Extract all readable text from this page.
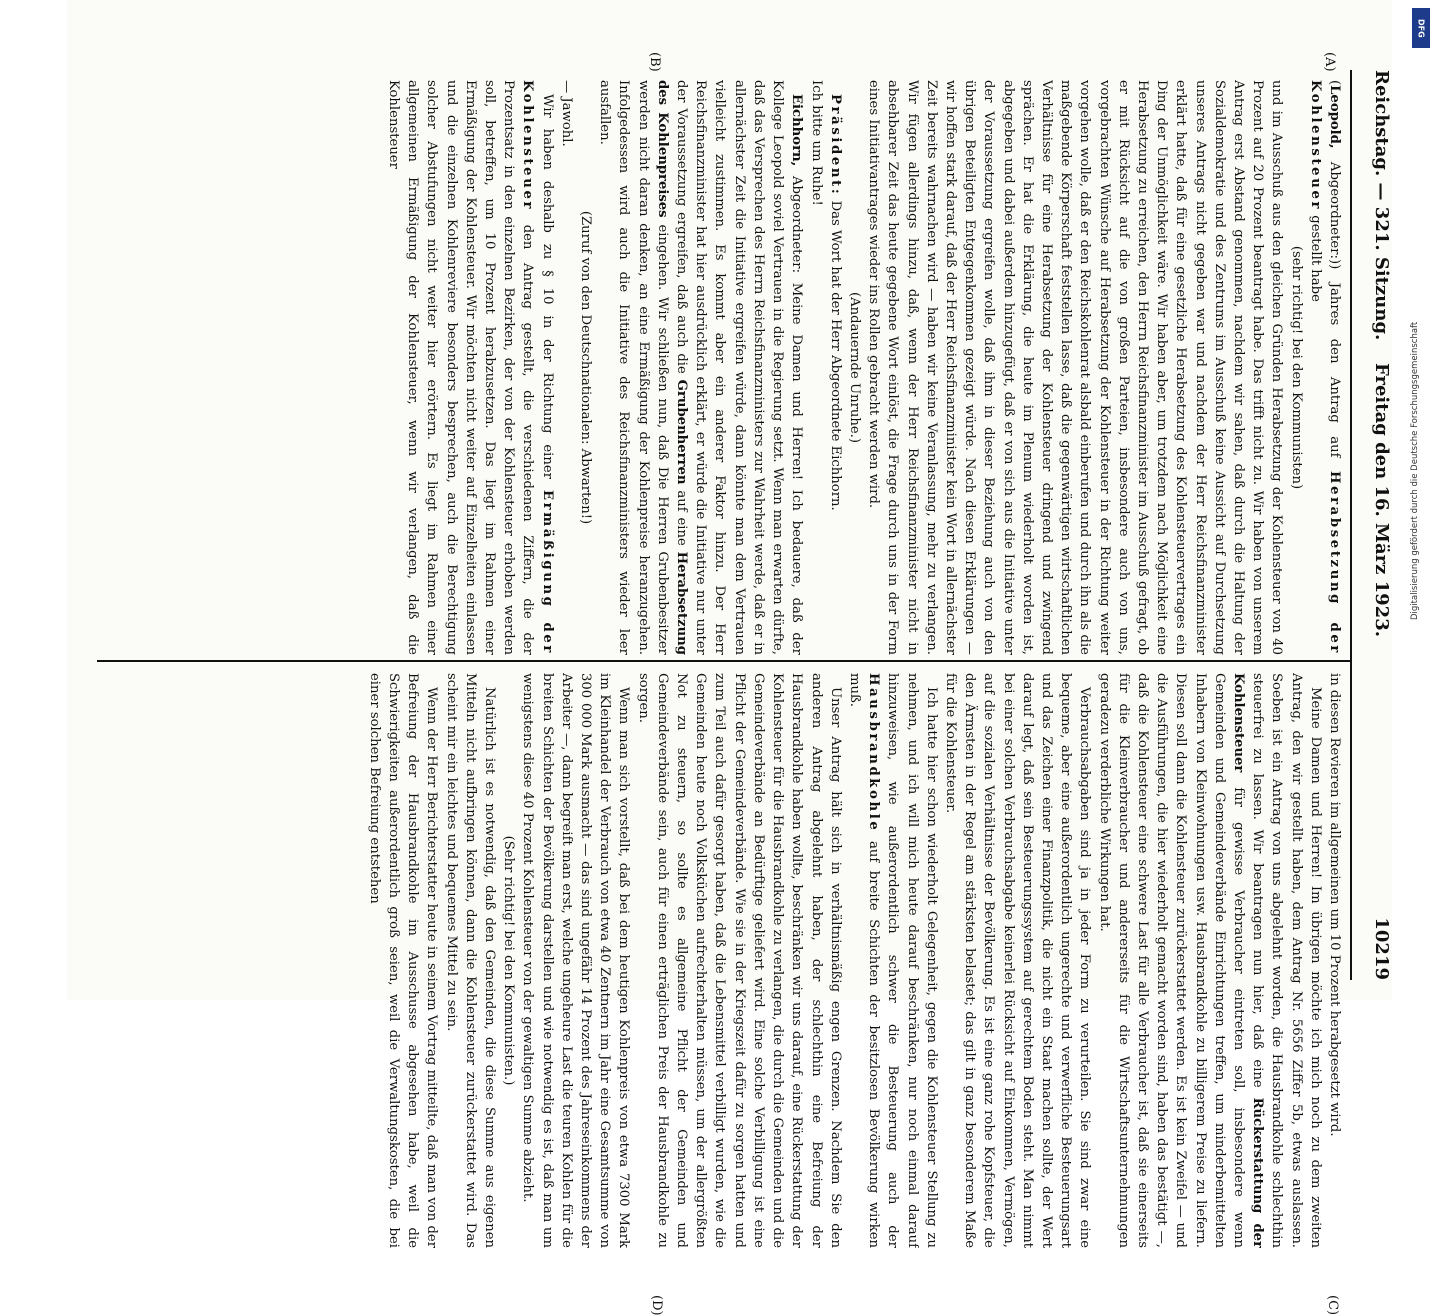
Reichstag. — 321. Sitzung.
Freitag den 16. März 1923.
10219
(A)
(B)
(C)
(D)

(Leopold, Abgeordneter:)) Jahres den Antrag auf Herabsetzung der Kohlensteuer gestellt habe

(sehr richtig! bei den Kommunisten)

und im Ausschuß aus den gleichen Gründen Herabsetzung der Kohlensteuer von 40 Prozent auf 20 Prozent beantragt habe. Das trifft nicht zu. Wir haben von unserem Antrag erst Abstand genommen, nachdem wir sahen, daß durch die Haltung der Sozialdemokratie und des Zentrums im Ausschuß keine Aussicht auf Durchsetzung unseres Antrags nicht gegeben war und nachdem der Herr Reichsfinanzminister erklärt hatte, daß für eine gesetzliche Herabsetzung des Kohlensteuervertrages ein Ding der Unmöglichkeit wäre. Wir haben aber, um trotzdem nach Möglichkeit eine Herabsetzung zu erreichen, den Herrn Reichsfinanzminister im Ausschuß gefragt, ob er mit Rücksicht auf die von großen Parteien, insbesondere auch von uns, vorgebrachten Wünsche auf Herabsetzung der Kohlensteuer in der Richtung weiter vorgehen wolle, daß er den Reichskohlenrat alsbald einberufen und durch ihn als die maßgebende Körperschaft feststellen lasse, daß die gegenwärtigen wirtschaftlichen Verhältnisse für eine Herabsetzung der Kohlensteuer dringend und zwingend sprächen. Er hat die Erklärung, die heute im Plenum wiederholt worden ist, abgegeben und dabei außerdem hinzugefügt, daß er von sich aus die Initiative unter der Voraussetzung ergreifen wolle, daß ihm in dieser Beziehung auch von den übrigen Beteiligten Entgegenkommen gezeigt würde. Nach diesen Erklärungen — wir hoffen stark darauf, daß der Herr Reichsfinanzminister kein Wort in allernächster Zeit bereits wahrnachen wird — haben wir keine Veranlassung, mehr zu verlangen. Wir fügen allerdings hinzu, daß, wenn der Herr Reichsfinanzminister nicht in absehbarer Zeit das heute gegebene Wort einlöst, die Frage durch uns in der Form eines Initiativantrages wieder ins Rollen gebracht werden wird.

(Andauernde Unruhe.)

Präsident: Das Wort hat der Herr Abgeordnete Eichhorn.

Ich bitte um Ruhe!

Eichhorn, Abgeordneter: Meine Damen und Herren! Ich bedauere, daß der Kollege Leopold soviel Vertrauen in die Regierung setzt. Wenn man erwarten dürfte, daß das Versprechen des Herrn Reichsfinanzministers zur Wahrheit werde, daß er in allernächster Zeit die Initiative ergreifen würde, dann könnte man dem Vertrauen vielleicht zustimmen. Es kommt aber ein anderer Faktor hinzu. Der Herr Reichsfinanzminister hat hier ausdrücklich erklärt, er würde die Initiative nur unter der Voraussetzung ergreifen, daß auch die Grubenherren auf eine Herabsetzung des Kohlenpreises eingehen. Wir schließen nun, daß Die Herren Grubenbesitzer werden nicht daran denken, an eine Ermäßigung der Kohlenpreise heranzugehen. Infolgedessen wird auch die Initiative des Reichsfinanzministers wieder leer ausfallen.

(Zuruf von den Deutschnationalen: Abwarten!)

— Jawohl.

Wir haben deshalb zu § 10 in der Richtung einer Ermäßigung der Kohlensteuer den Antrag gestellt, die verschiedenen Ziffern, die der Prozentsatz in den einzelnen Bezirken, der von der Kohlensteuer erhoben werden soll, betreffen, um 10 Prozent herabzusetzen. Das liegt im Rahmen einer Ermäßigung der Kohlensteuer. Wir möchten nicht weiter auf Einzelheiten einlassen und die einzelnen Kohlenreviere besonders besprechen, auch die Berechtigung solcher Abstufungen nicht weiter hier erörtern. Es liegt im Rahmen einer allgemeinen Ermäßigung der Kohlensteuer, wenn wir verlangen, daß die Kohlensteuer

in diesen Revieren im allgemeinen um 10 Prozent herabgesetzt wird.

Meine Damen und Herren! Im übrigen möchte ich mich noch zu dem zweiten Antrag, den wir gestellt haben, dem Antrag Nr. 5656 Ziffer 5b, etwas auslassen. Soeben ist ein Antrag von uns abgelehnt worden, die Hausbrandkohle schlechthin steuerfrei zu lassen. Wir beantragen nun hier, daß eine Rückerstattung der Kohlensteuer für gewisse Verbraucher eintreten soll, insbesondere wenn Gemeinden und Gemeindeverbände Einrichtungen treffen, um minderbemittelten Inhabern von Kleinwohnungen usw. Hausbrandkohle zu billigerem Preise zu liefern. Diesen soll dann die Kohlensteuer zurückerstattet werden. Es ist kein Zweifel — und die Ausführungen, die hier wiederholt gemacht worden sind, haben das bestätigt —, daß die Kohlensteuer eine schwere Last für alle Verbraucher ist, daß sie einerseits für die Kleinverbraucher und andererseits für die Wirtschaftsunternehmungen geradezu verderbliche Wirkungen hat.

Verbrauchsabgaben sind ja in jeder Form zu verurteilen. Sie sind zwar eine bequeme, aber eine außerordentlich ungerechte und verwerfliche Besteuerungsart und das Zeichen einer Finanzpolitik, die nicht ein Staat machen sollte, der Wert darauf legt, daß sein Besteuerungssystem auf gerechtem Boden steht. Man nimmt bei einer solchen Verbrauchsabgabe keinerlei Rücksicht auf Einkommen, Vermögen, auf die sozialen Verhältnisse der Bevölkerung. Es ist eine ganz rohe Kopfsteuer, die den Ärmsten in der Regel am stärksten belastet; das gilt in ganz besonderem Maße für die Kohlensteuer.

Ich hatte hier schon wiederholt Gelegenheit, gegen die Kohlensteuer Stellung zu nehmen, und ich will mich heute darauf beschränken, nur noch einmal darauf hinzuweisen, wie außerordentlich schwer die Besteuerung auch der Hausbrandkohle auf breite Schichten der besitzlosen Bevölkerung wirken muß.

Unser Antrag hält sich in verhältnismäßig engen Grenzen. Nachdem Sie den anderen Antrag abgelehnt haben, der schlechthin eine Befreiung der Hausbrandkohle haben wollte, beschränken wir uns darauf, eine Rückerstattung der Kohlensteuer für die Hausbrandkohle zu verlangen, die durch die Gemeinden und die Gemeindeverbände an Bedürftige geliefert wird. Eine solche Verbilligung ist eine Pflicht der Gemeindeverbände. Wie sie in der Kriegszeit dafür zu sorgen hatten und zum Teil auch dafür gesorgt haben, daß die Lebensmittel verbilligt wurden, wie die Gemeinden heute noch Volksküchen aufrechterhalten müssen, um der allergrößten Not zu steuern, so sollte es allgemeine Pflicht der Gemeinden und Gemeindeverbände sein, auch für einen erträglichen Preis der Hausbrandkohle zu sorgen.

Wenn man sich vorstellt, daß bei dem heutigen Kohlenpreis von etwa 7300 Mark im Kleinhandel der Verbrauch von etwa 40 Zentnern im Jahr eine Gesamtsumme von 300 000 Mark ausmacht — das sind ungefähr 14 Prozent des Jahreseinkommens der Arbeiter —, dann begreift man erst, welche ungeheure Last die teuren Kohlen für die breiten Schichten der Bevölkerung darstellen und wie notwendig es ist, daß man um wenigstens diese 40 Prozent Kohlensteuer von der gewaltigen Summe abzieht.

(Sehr richtig! bei den Kommunisten.)

Natürlich ist es notwendig, daß den Gemeinden, die diese Summe aus eigenen Mitteln nicht aufbringen können, dann die Kohlensteuer zurückerstattet wird. Das scheint mir ein leichtes und bequemes Mittel zu sein.

Wenn der Herr Berichterstatter heute in seinem Vortrag mitteilte, daß man von der Befreiung der Hausbrandkohle im Ausschusse abgesehen habe, weil die Schwierigkeiten außerordentlich groß seien, weil die Verwaltungskosten, die bei einer solchen Befreiung entstehen

DFG
Digitalisierung gefördert durch die Deutsche Forschungsgemeinschaft
